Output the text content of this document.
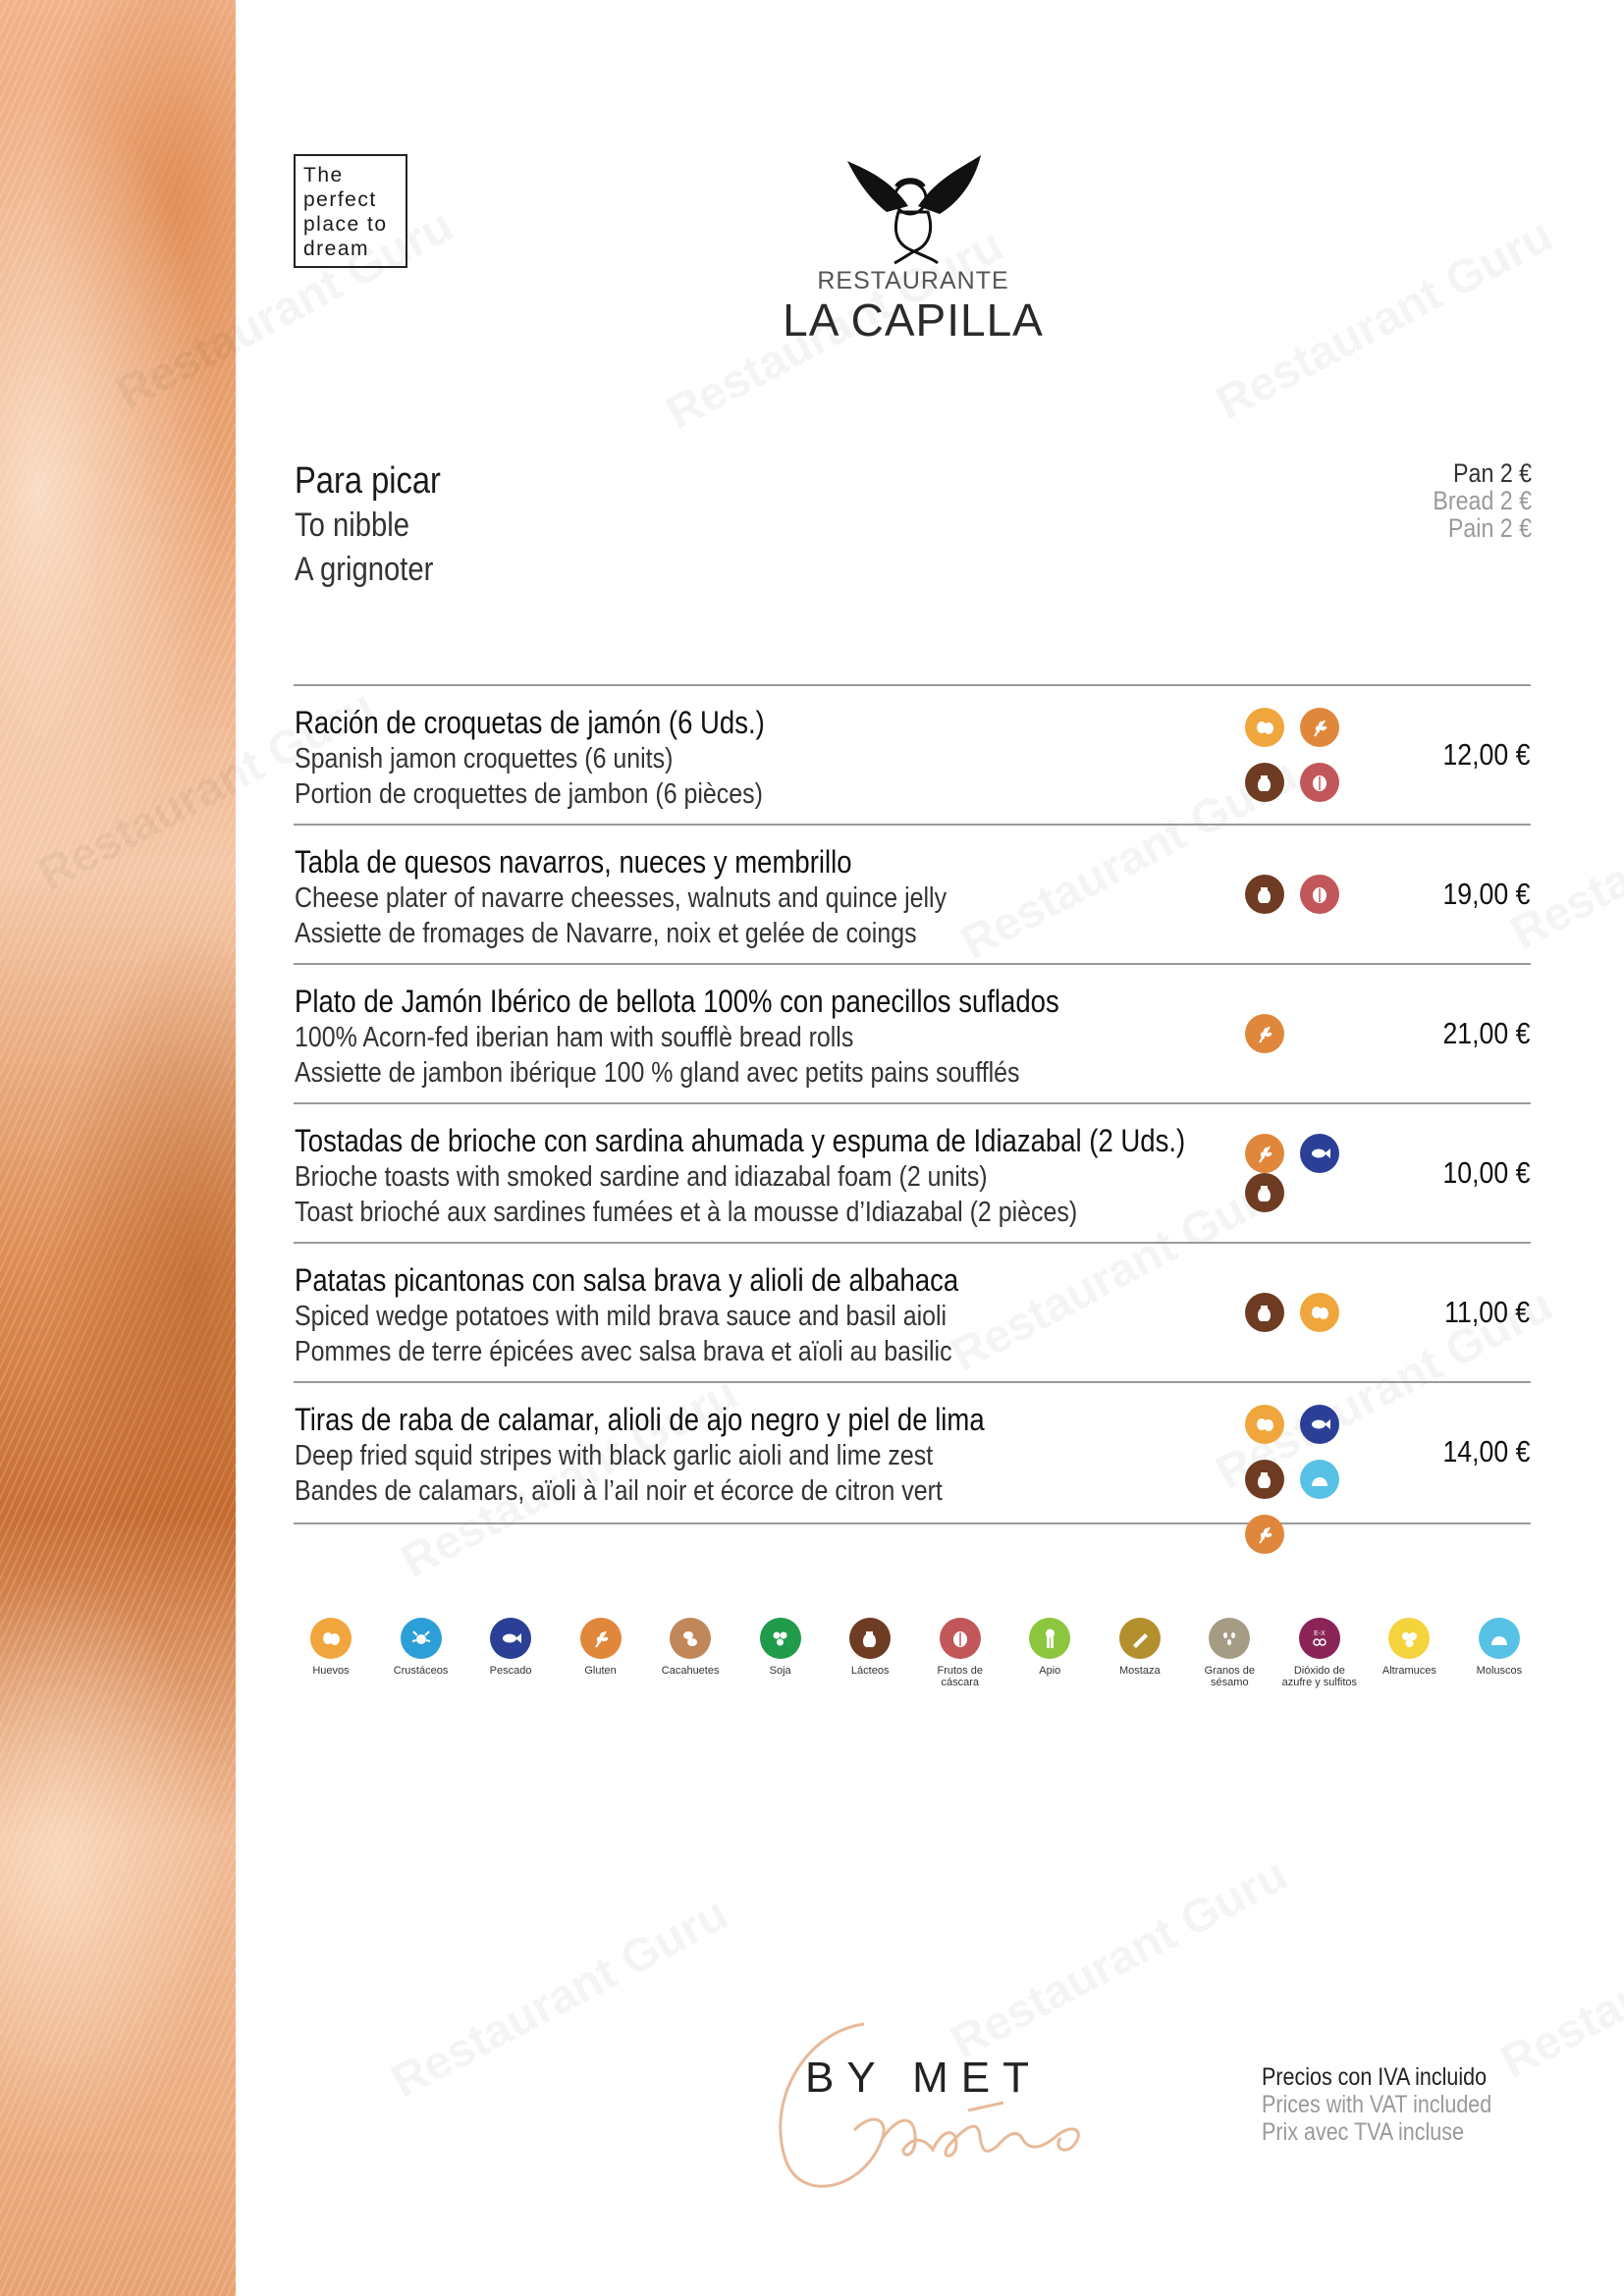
The
perfect
place to
dream
RESTAURANTE
LA CAPILLA
Para picar
To nibble
A grignoter
Pan 2 €
Bread 2 €
Pain 2 €
Ración de croquetas de jamón (6 Uds.)
Spanish jamon croquettes (6 units)
Portion de croquettes de jambon (6 pièces)
12,00 €
Tabla de quesos navarros, nueces y membrillo
Cheese plater of navarre cheesses, walnuts and quince jelly
Assiette de fromages de Navarre, noix et gelée de coings
19,00 €
Plato de Jamón Ibérico de bellota 100% con panecillos suflados
100% Acorn-fed iberian ham with soufflè bread rolls
Assiette de jambon ibérique 100 % gland avec petits pains soufflés
21,00 €
Tostadas de brioche con sardina ahumada y espuma de Idiazabal (2 Uds.)
Brioche toasts with smoked sardine and idiazabal foam (2 units)
Toast brioché aux sardines fumées et à la mousse d’Idiazabal (2 pièces)
10,00 €
Patatas picantonas con salsa brava y alioli de albahaca
Spiced wedge potatoes with mild brava sauce and basil aioli
Pommes de terre épicées avec salsa brava et aïoli au basilic
11,00 €
Tiras de raba de calamar, alioli de ajo negro y piel de lima
Deep fried squid stripes with black garlic aioli and lime zest
Bandes de calamars, aïoli à l’ail noir et écorce de citron vert
14,00 €
Huevos	Crustáceos	Pescado	Gluten	Cacahuetes	Soja	Lácteos	Frutos de cáscara
Apio	Mostaza	Granos de sésamo
E-X
Dióxido de azufre y sulfitos
Altramuces	Moluscos
BY MET	Precios con IVA incluido
Prices with VAT included
Prix avec TVA incluse
